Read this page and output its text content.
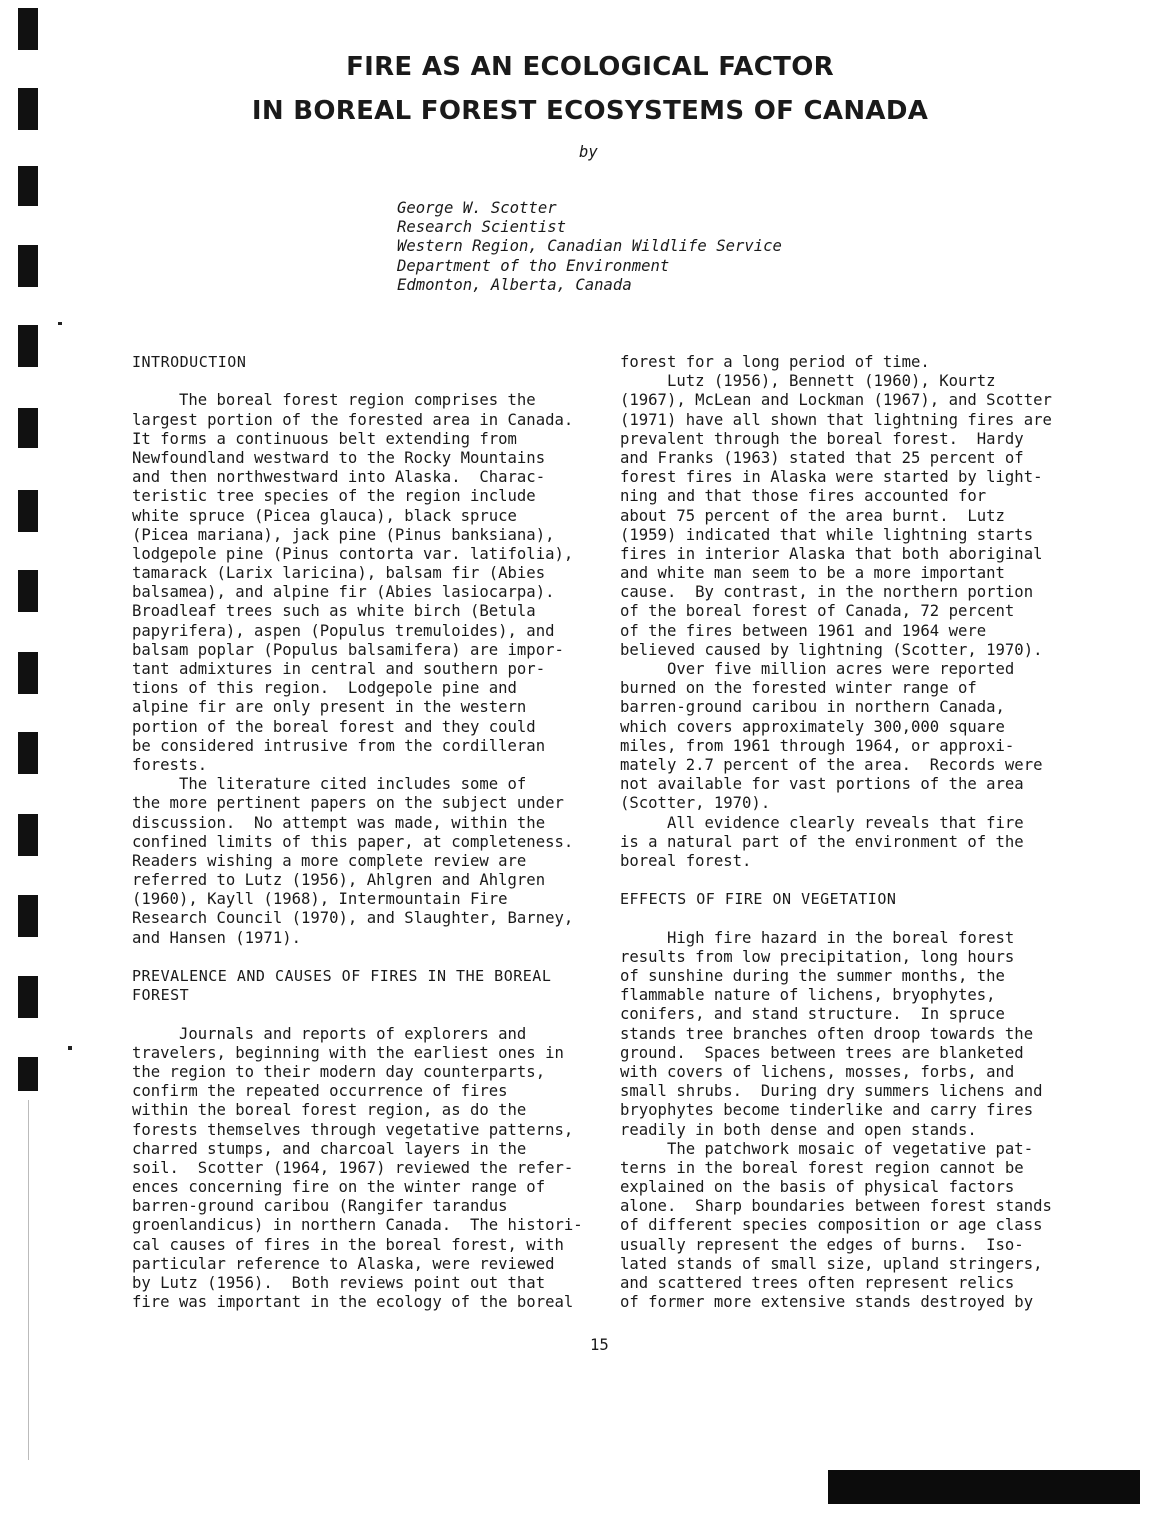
FIRE AS AN ECOLOGICAL FACTOR
IN BOREAL FOREST ECOSYSTEMS OF CANADA
by
George W. Scotter
Research Scientist
Western Region, Canadian Wildlife Service
Department of tho Environment
Edmonton, Alberta, Canada
INTRODUCTION
The boreal forest region comprises the
largest portion of the forested area in Canada.
It forms a continuous belt extending from
Newfoundland westward to the Rocky Mountains
and then northwestward into Alaska.  Charac-
teristic tree species of the region include
white spruce (Picea glauca), black spruce
(Picea mariana), jack pine (Pinus banksiana),
lodgepole pine (Pinus contorta var. latifolia),
tamarack (Larix laricina), balsam fir (Abies
balsamea), and alpine fir (Abies lasiocarpa).
Broadleaf trees such as white birch (Betula
papyrifera), aspen (Populus tremuloides), and
balsam poplar (Populus balsamifera) are impor-
tant admixtures in central and southern por-
tions of this region.  Lodgepole pine and
alpine fir are only present in the western
portion of the boreal forest and they could
be considered intrusive from the cordilleran
forests.
The literature cited includes some of
the more pertinent papers on the subject under
discussion.  No attempt was made, within the
confined limits of this paper, at completeness.
Readers wishing a more complete review are
referred to Lutz (1956), Ahlgren and Ahlgren
(1960), Kayll (1968), Intermountain Fire
Research Council (1970), and Slaughter, Barney,
and Hansen (1971).
PREVALENCE AND CAUSES OF FIRES IN THE BOREAL
FOREST
Journals and reports of explorers and
travelers, beginning with the earliest ones in
the region to their modern day counterparts,
confirm the repeated occurrence of fires
within the boreal forest region, as do the
forests themselves through vegetative patterns,
charred stumps, and charcoal layers in the
soil.  Scotter (1964, 1967) reviewed the refer-
ences concerning fire on the winter range of
barren-ground caribou (Rangifer tarandus
groenlandicus) in northern Canada.  The histori-
cal causes of fires in the boreal forest, with
particular reference to Alaska, were reviewed
by Lutz (1956).  Both reviews point out that
fire was important in the ecology of the boreal
forest for a long period of time.
Lutz (1956), Bennett (1960), Kourtz
(1967), McLean and Lockman (1967), and Scotter
(1971) have all shown that lightning fires are
prevalent through the boreal forest.  Hardy
and Franks (1963) stated that 25 percent of
forest fires in Alaska were started by light-
ning and that those fires accounted for
about 75 percent of the area burnt.  Lutz
(1959) indicated that while lightning starts
fires in interior Alaska that both aboriginal
and white man seem to be a more important
cause.  By contrast, in the northern portion
of the boreal forest of Canada, 72 percent
of the fires between 1961 and 1964 were
believed caused by lightning (Scotter, 1970).
Over five million acres were reported
burned on the forested winter range of
barren-ground caribou in northern Canada,
which covers approximately 300,000 square
miles, from 1961 through 1964, or approxi-
mately 2.7 percent of the area.  Records were
not available for vast portions of the area
(Scotter, 1970).
All evidence clearly reveals that fire
is a natural part of the environment of the
boreal forest.
EFFECTS OF FIRE ON VEGETATION
High fire hazard in the boreal forest
results from low precipitation, long hours
of sunshine during the summer months, the
flammable nature of lichens, bryophytes,
conifers, and stand structure.  In spruce
stands tree branches often droop towards the
ground.  Spaces between trees are blanketed
with covers of lichens, mosses, forbs, and
small shrubs.  During dry summers lichens and
bryophytes become tinderlike and carry fires
readily in both dense and open stands.
The patchwork mosaic of vegetative pat-
terns in the boreal forest region cannot be
explained on the basis of physical factors
alone.  Sharp boundaries between forest stands
of different species composition or age class
usually represent the edges of burns.  Iso-
lated stands of small size, upland stringers,
and scattered trees often represent relics
of former more extensive stands destroyed by
15
